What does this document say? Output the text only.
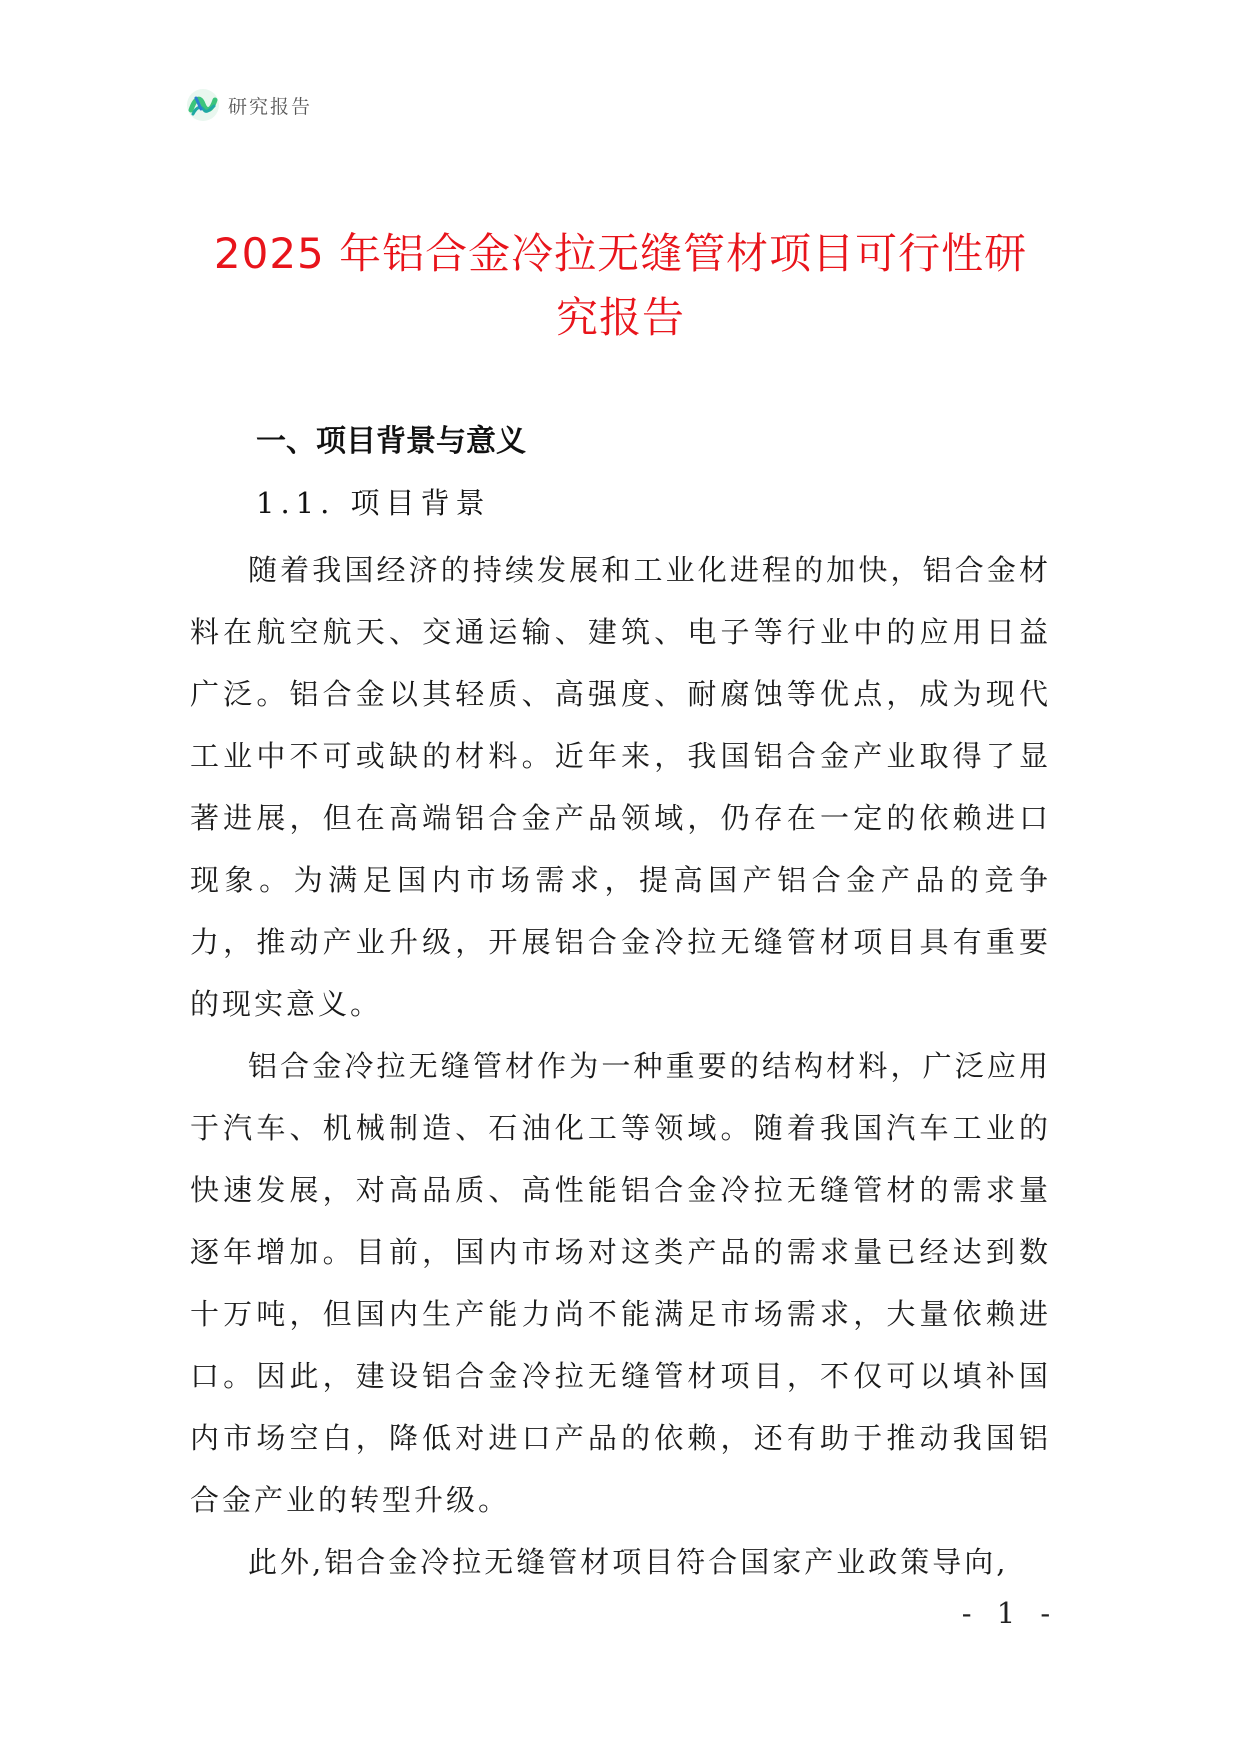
研究报告
2025 年铝合金冷拉无缝管材项目可行性研
究报告
一、项目背景与意义
1.1. 项目背景

随着我国经济的持续发展和工业化进程的加快，铝合金材料在航空航天、交通运输、建筑、电子等行业中的应用日益广泛。铝合金以其轻质、高强度、耐腐蚀等优点，成为现代工业中不可或缺的材料。近年来，我国铝合金产业取得了显著进展，但在高端铝合金产品领域，仍存在一定的依赖进口现象。为满足国内市场需求，提高国产铝合金产品的竞争力，推动产业升级，开展铝合金冷拉无缝管材项目具有重要的现实意义。

铝合金冷拉无缝管材作为一种重要的结构材料，广泛应用于汽车、机械制造、石油化工等领域。随着我国汽车工业的快速发展，对高品质、高性能铝合金冷拉无缝管材的需求量逐年增加。目前，国内市场对这类产品的需求量已经达到数十万吨，但国内生产能力尚不能满足市场需求，大量依赖进口。因此，建设铝合金冷拉无缝管材项目，不仅可以填补国内市场空白，降低对进口产品的依赖，还有助于推动我国铝合金产业的转型升级。

此外,铝合金冷拉无缝管材项目符合国家产业政策导向,

- 1 -
